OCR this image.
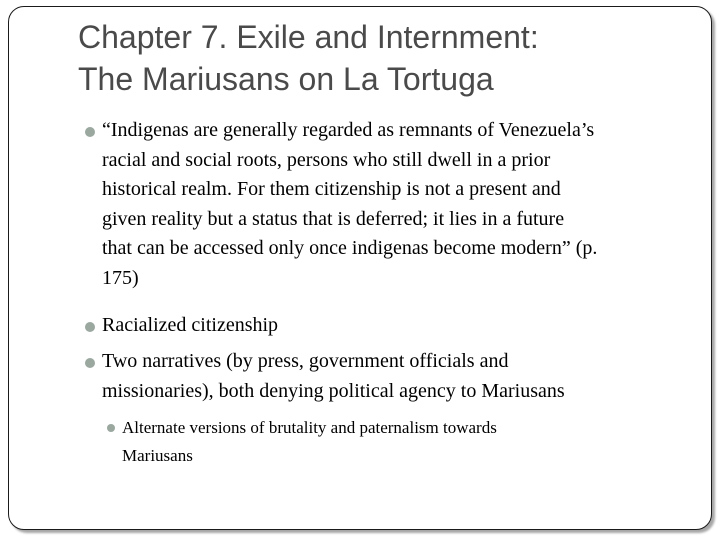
Chapter 7. Exile and Internment:
The Mariusans on La Tortuga

“Indigenas are generally regarded as remnants of Venezuela’s
racial and social roots, persons who still dwell in a prior
historical realm. For them citizenship is not a present and
given reality but a status that is deferred; it lies in a future
that can be accessed only once indigenas become modern” (p.
175)

Racialized citizenship

Two narratives (by press, government officials and
missionaries), both denying political agency to Mariusans

Alternate versions of brutality and paternalism towards
Mariusans
